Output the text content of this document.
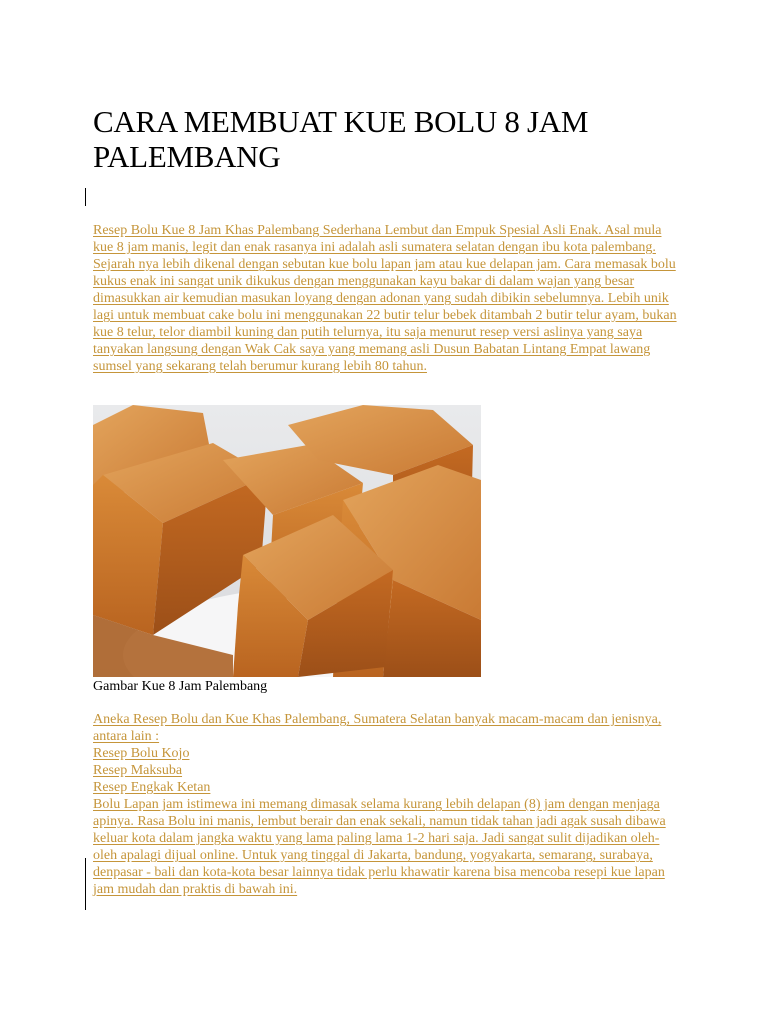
CARA MEMBUAT KUE BOLU 8 JAM
PALEMBANG

Resep Bolu Kue 8 Jam Khas Palembang Sederhana Lembut dan Empuk Spesial Asli Enak. Asal mula kue 8 jam manis, legit dan enak rasanya ini adalah asli sumatera selatan dengan ibu kota palembang. Sejarah nya lebih dikenal dengan sebutan kue bolu lapan jam atau kue delapan jam. Cara memasak bolu kukus enak ini sangat unik dikukus dengan menggunakan kayu bakar di dalam wajan yang besar dimasukkan air kemudian masukan loyang dengan adonan yang sudah dibikin sebelumnya. Lebih unik lagi untuk membuat cake bolu ini menggunakan 22 butir telur bebek ditambah 2 butir telur ayam, bukan kue 8 telur, telor diambil kuning dan putih telurnya, itu saja menurut resep versi aslinya yang saya tanyakan langsung dengan Wak Cak saya yang memang asli Dusun Babatan Lintang Empat lawang sumsel yang sekarang telah berumur kurang lebih 80 tahun.

Gambar Kue 8 Jam Palembang
Aneka Resep Bolu dan Kue Khas Palembang, Sumatera Selatan banyak macam-macam dan jenisnya, antara lain :
Resep Bolu Kojo
Resep Maksuba
Resep Engkak Ketan
Bolu Lapan jam istimewa ini memang dimasak selama kurang lebih delapan (8) jam dengan menjaga apinya. Rasa Bolu ini manis, lembut berair dan enak sekali, namun tidak tahan jadi agak susah dibawa keluar kota dalam jangka waktu yang lama paling lama 1-2 hari saja. Jadi sangat sulit dijadikan oleh-oleh apalagi dijual online. Untuk yang tinggal di Jakarta, bandung, yogyakarta, semarang, surabaya, denpasar - bali dan kota-kota besar lainnya tidak perlu khawatir karena bisa mencoba resepi kue lapan jam mudah dan praktis di bawah ini.
